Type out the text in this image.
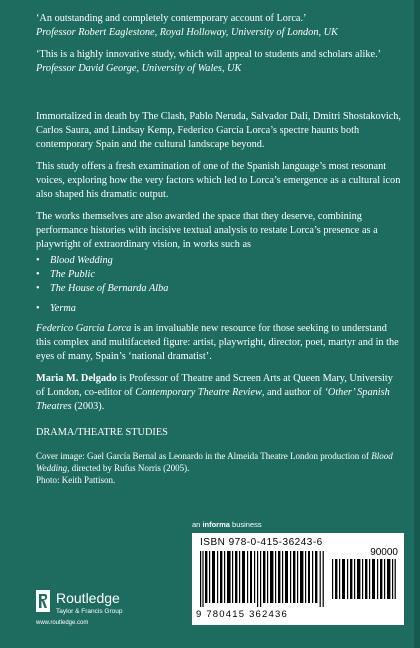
‘An outstanding and completely contemporary account of Lorca.’
Professor Robert Eaglestone, Royal Holloway, University of London, UK
‘This is a highly innovative study, which will appeal to students and scholars alike.’
Professor David George, University of Wales, UK

Immortalized in death by The Clash, Pablo Neruda, Salvador Dalí, Dmitri Shostakovich, Carlos Saura, and Lindsay Kemp, Federico García Lorca’s spectre haunts both contemporary Spain and the cultural landscape beyond.

This study offers a fresh examination of one of the Spanish language’s most resonant voices, exploring how the very factors which led to Lorca’s emergence as a cultural icon also shaped his dramatic output.

The works themselves are also awarded the space that they deserve, combining performance histories with incisive textual analysis to restate Lorca’s presence as a playwright of extraordinary vision, in works such as

• Blood Wedding
• The Public
• The House of Bernarda Alba
• Yerma

Federico García Lorca is an invaluable new resource for those seeking to understand this complex and multifaceted figure: artist, playwright, director, poet, martyr and in the eyes of many, Spain’s ‘national dramatist’.

Maria M. Delgado is Professor of Theatre and Screen Arts at Queen Mary, University of London, co-editor of Contemporary Theatre Review, and author of ‘Other’ Spanish Theatres (2003).

DRAMA/THEATRE STUDIES

Cover image: Gael García Bernal as Leonardo in the Almeida Theatre London production of Blood Wedding, directed by Rufus Norris (2005).
Photo: Keith Pattison.

an informa business
ISBN 978-0-415-36243-6
90000
9 780415 362436
Routledge
Taylor & Francis Group
www.routledge.com
